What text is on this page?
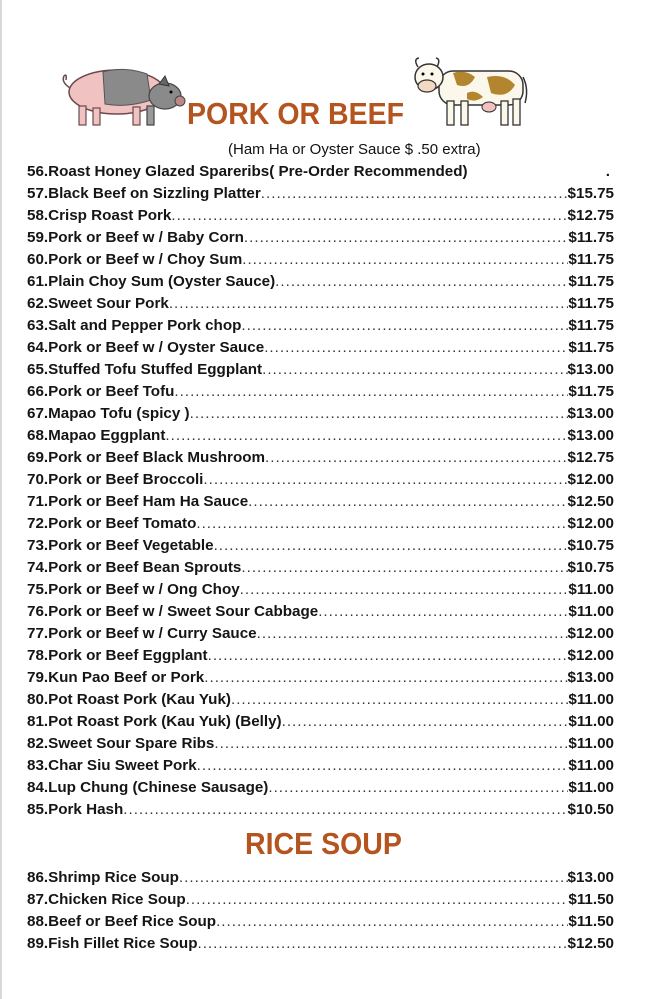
PORK OR BEEF
(Ham Ha or Oyster Sauce $ .50 extra)
56.Roast Honey Glazed Spareribs( Pre-Order Recommended)	.
57.Black Beef on Sizzling Platter .....	$15.75
58.Crisp Roast Pork .....	$12.75
59.Pork or Beef w / Baby Corn .....	$11.75
60.Pork or Beef w / Choy Sum .....	$11.75
61.Plain Choy Sum (Oyster Sauce) .....	$11.75
62.Sweet Sour Pork .....	$11.75
63.Salt and Pepper Pork chop .....	$11.75
64.Pork or Beef w / Oyster Sauce .....	$11.75
65.Stuffed Tofu Stuffed Eggplant .....	$13.00
66.Pork or Beef Tofu .....	$11.75
67.Mapao Tofu (spicy ) .....	$13.00
68.Mapao Eggplant .....	$13.00
69.Pork or Beef Black Mushroom .....	$12.75
70.Pork or Beef Broccoli .....	$12.00
71.Pork or Beef Ham Ha Sauce .....	$12.50
72.Pork or Beef Tomato .....	$12.00
73.Pork or Beef Vegetable .....	$10.75
74.Pork or Beef Bean Sprouts .....	$10.75
75.Pork or Beef w / Ong Choy .....	$11.00
76.Pork or Beef w / Sweet Sour Cabbage .....	$11.00
77.Pork or Beef w / Curry Sauce .....	$12.00
78.Pork or Beef Eggplant .....	$12.00
79.Kun Pao Beef or Pork .....	$13.00
80.Pot Roast Pork (Kau Yuk) .....	$11.00
81.Pot Roast Pork (Kau Yuk) (Belly) .....	$11.00
82.Sweet Sour Spare Ribs .....	$11.00
83.Char Siu Sweet Pork .....	$11.00
84.Lup Chung (Chinese Sausage) .....	$11.00
85.Pork Hash .....	$10.50
RICE SOUP
86.Shrimp Rice Soup .....	$13.00
87.Chicken Rice Soup .....	$11.50
88.Beef or Beef Rice Soup .....	$11.50
89.Fish Fillet Rice Soup .....	$12.50
